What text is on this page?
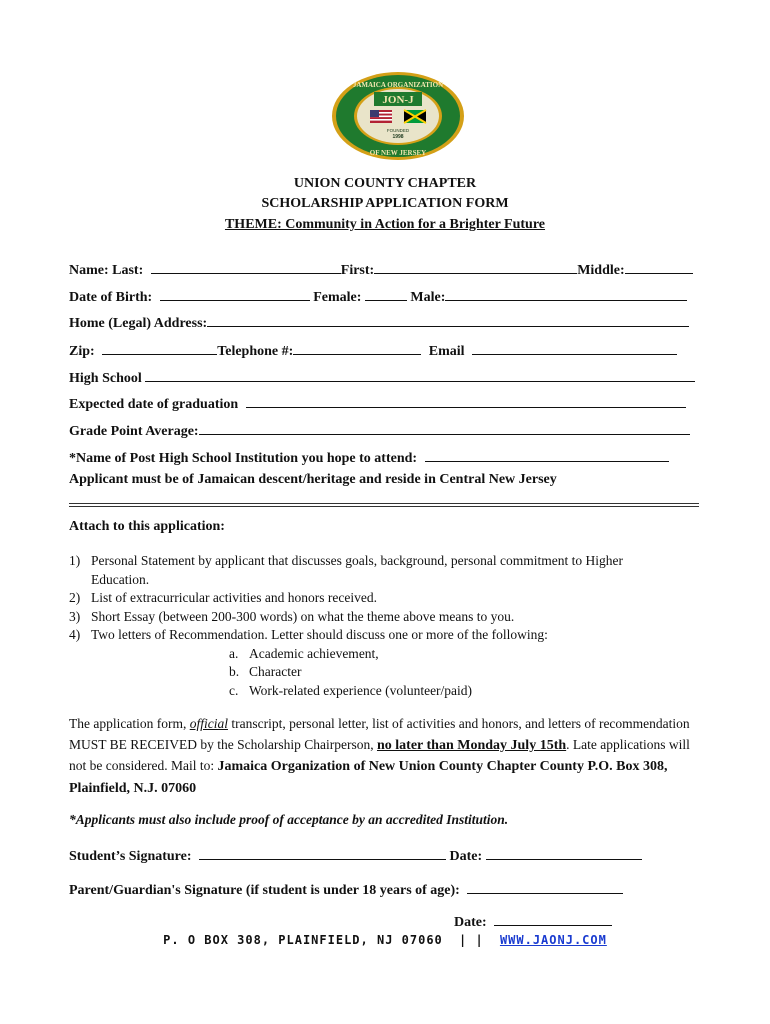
JAMAICA ORGANIZATION
OF NEW JERSEY
JON-J
FOUNDED
1998
UNION COUNTY CHAPTER
SCHOLARSHIP APPLICATION FORM
THEME: Community in Action for a Brighter Future
Name: Last:	First:	Middle:
Date of Birth:	Female:	Male:
Home (Legal) Address:
Zip:	Telephone #:	Email
High School
Expected date of graduation
Grade Point Average:
*Name of Post High School Institution you hope to attend:
Applicant must be of Jamaican descent/heritage and reside in Central New Jersey
Attach to this application:
1) Personal Statement by applicant that discusses goals, background, personal commitment to Higher
Education.
2) List of extracurricular activities and honors received.
3) Short Essay (between 200-300 words) on what the theme above means to you.
4) Two letters of Recommendation. Letter should discuss one or more of the following:
a. Academic achievement,
b. Character
c. Work-related experience (volunteer/paid)
The application form, official transcript, personal letter, list of activities and honors, and letters of recommendation MUST BE RECEIVED by the Scholarship Chairperson, no later than Monday July 15th. Late applications will not be considered. Mail to: Jamaica Organization of New Union County Chapter County P.O. Box 308, Plainfield, N.J. 07060
*Applicants must also include proof of acceptance by an accredited Institution.
Student’s Signature:	Date:
Parent/Guardian's Signature (if student is under 18 years of age):
Date:
P. O BOX 308, PLAINFIELD, NJ 07060 | | WWW.JAONJ.COM
